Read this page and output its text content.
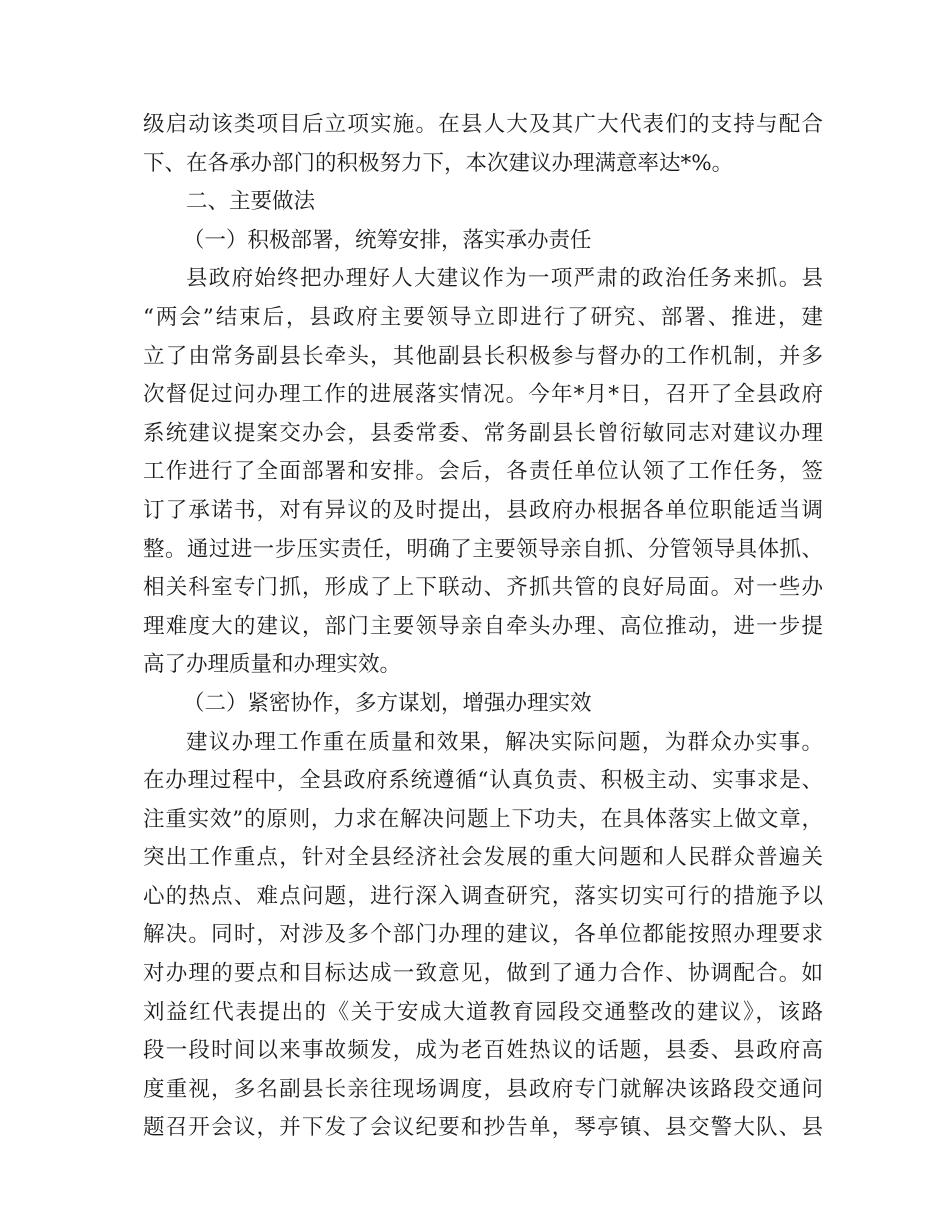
级启动该类项目后立项实施。在县人大及其广大代表们的支持与配合
下、在各承办部门的积极努力下，本次建议办理满意率达*%。
二、主要做法
（一）积极部署，统筹安排，落实承办责任
县政府始终把办理好人大建议作为一项严肃的政治任务来抓。县
“两会”结束后，县政府主要领导立即进行了研究、部署、推进，建
立了由常务副县长牵头，其他副县长积极参与督办的工作机制，并多
次督促过问办理工作的进展落实情况。今年*月*日，召开了全县政府
系统建议提案交办会，县委常委、常务副县长曾衍敏同志对建议办理
工作进行了全面部署和安排。会后，各责任单位认领了工作任务，签
订了承诺书，对有异议的及时提出，县政府办根据各单位职能适当调
整。通过进一步压实责任，明确了主要领导亲自抓、分管领导具体抓、
相关科室专门抓，形成了上下联动、齐抓共管的良好局面。对一些办
理难度大的建议，部门主要领导亲自牵头办理、高位推动，进一步提
高了办理质量和办理实效。
（二）紧密协作，多方谋划，增强办理实效
建议办理工作重在质量和效果，解决实际问题，为群众办实事。
在办理过程中，全县政府系统遵循“认真负责、积极主动、实事求是、
注重实效”的原则，力求在解决问题上下功夫，在具体落实上做文章，
突出工作重点，针对全县经济社会发展的重大问题和人民群众普遍关
心的热点、难点问题，进行深入调查研究，落实切实可行的措施予以
解决。同时，对涉及多个部门办理的建议，各单位都能按照办理要求
对办理的要点和目标达成一致意见，做到了通力合作、协调配合。如
刘益红代表提出的《关于安成大道教育园段交通整改的建议》，该路
段一段时间以来事故频发，成为老百姓热议的话题，县委、县政府高
度重视，多名副县长亲往现场调度，县政府专门就解决该路段交通问
题召开会议，并下发了会议纪要和抄告单，琴亭镇、县交警大队、县
